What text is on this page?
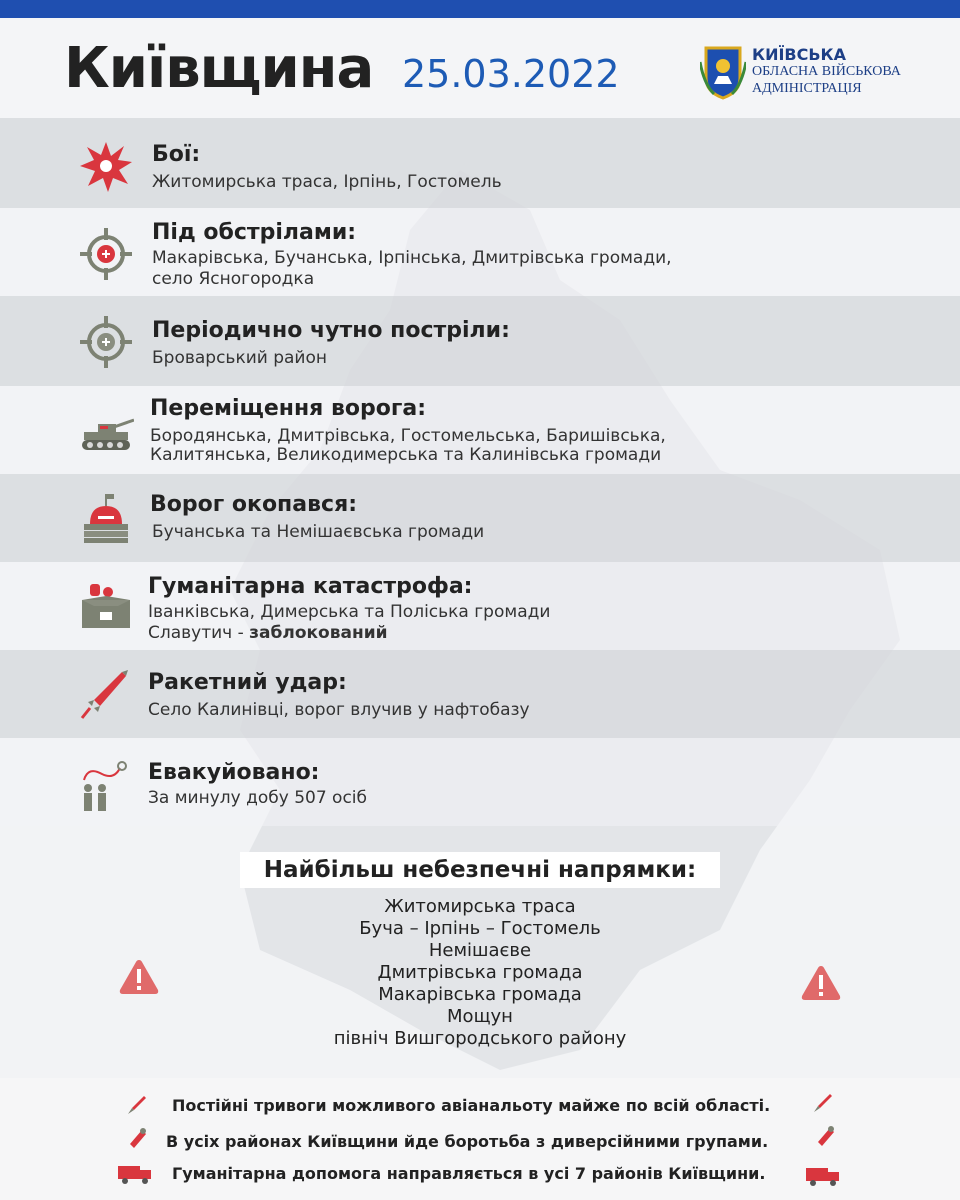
Київщина 25.03.2022	КИЇВСЬКА
ОБЛАСНА ВІЙСЬКОВА
АДМІНІСТРАЦІЯ
Бої:
Житомирська траса, Ірпінь, Гостомель
Під обстрілами:
Макарівська, Бучанська, Ірпінська, Дмитрівська громади,
село Ясногородка
Періодично чутно постріли:
Броварський район
Переміщення ворога:
Бородянська, Дмитрівська, Гостомельська, Баришівська,
Калитянська, Великодимерська та Калинівська громади
Ворог окопався:
Бучанська та Немішаєвська громади
Гуманітарна катастрофа:
Іванківська, Димерська та Поліська громади
Славутич - заблокований
Ракетний удар:
Село Калинівці, ворог влучив у нафтобазу
Евакуйовано:
За минулу добу 507 осіб
Найбільш небезпечні напрямки:
Житомирська траса
Буча – Ірпінь – Гостомель
Немішаєве
Дмитрівська громада
Макарівська громада
Мощун
північ Вишгородського району
Постійні тривоги можливого авіанальоту майже по всій області.
В усіх районах Київщини йде боротьба з диверсійними групами.
Гуманітарна допомога направляється в усі 7 районів Київщини.
